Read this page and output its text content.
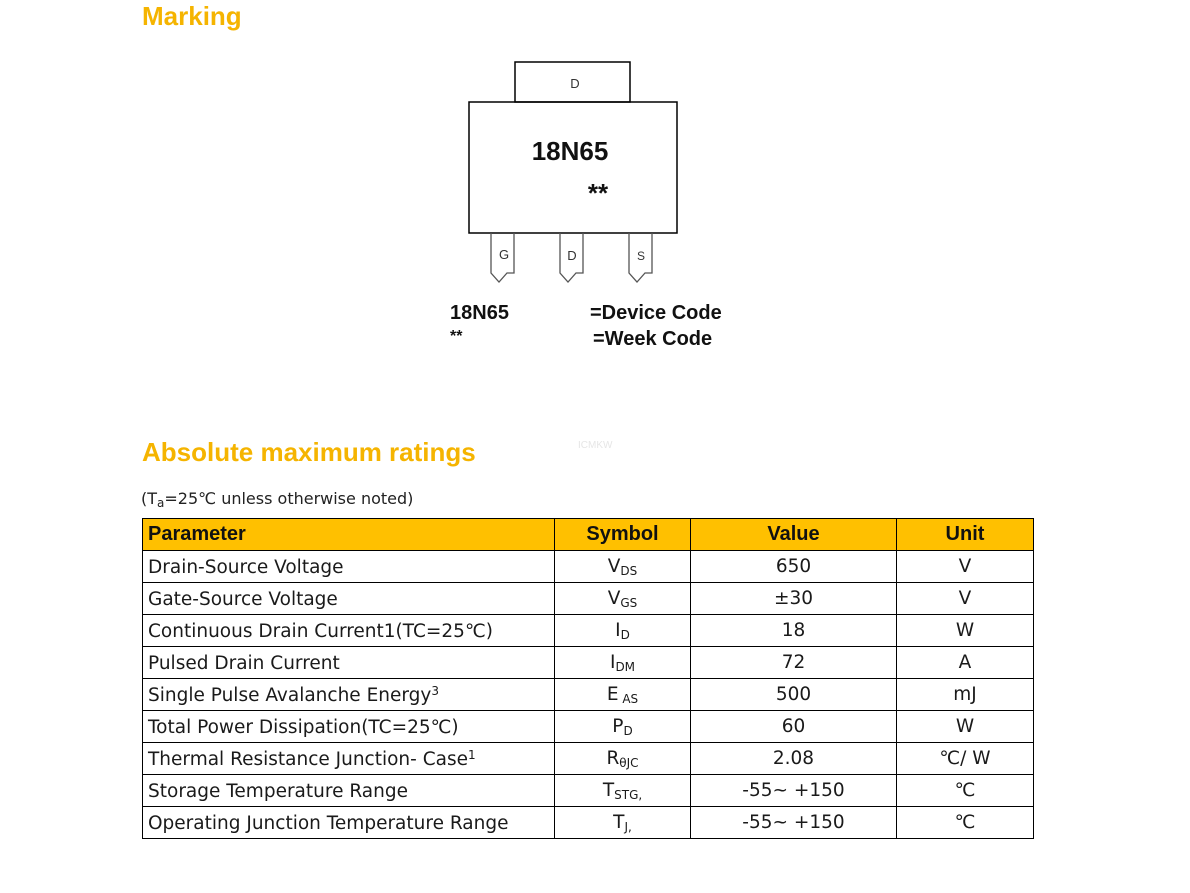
Marking
D
18N65
**
G	D	S
18N65
**
=Device Code
=Week Code
Absolute maximum ratings	ICMKW
($T_a=25℃$ unless otherwise noted)
Parameter	Symbol	Value	Unit
Drain-Source Voltage	$V_{DS}$	650	V
Gate-Source Voltage	$V_{GS}$	±30	V
Continuous Drain Current1(TC=25℃)	$I_D$	18	W
Pulsed Drain Current	$I_{DM}$	72	A
Single Pulse Avalanche Energy$^3$	E $_{AS}$	500	mJ
Total Power Dissipation(TC=25℃)	$P_D$	60	W
Thermal Resistance Junction- Case$^1$	$R_{\theta JC}$	2.08	℃/ W
Storage Temperature Range	$T_{STG,}$	-55~ +150	℃
Operating Junction Temperature Range	$T_{J,}$	-55~ +150	℃
